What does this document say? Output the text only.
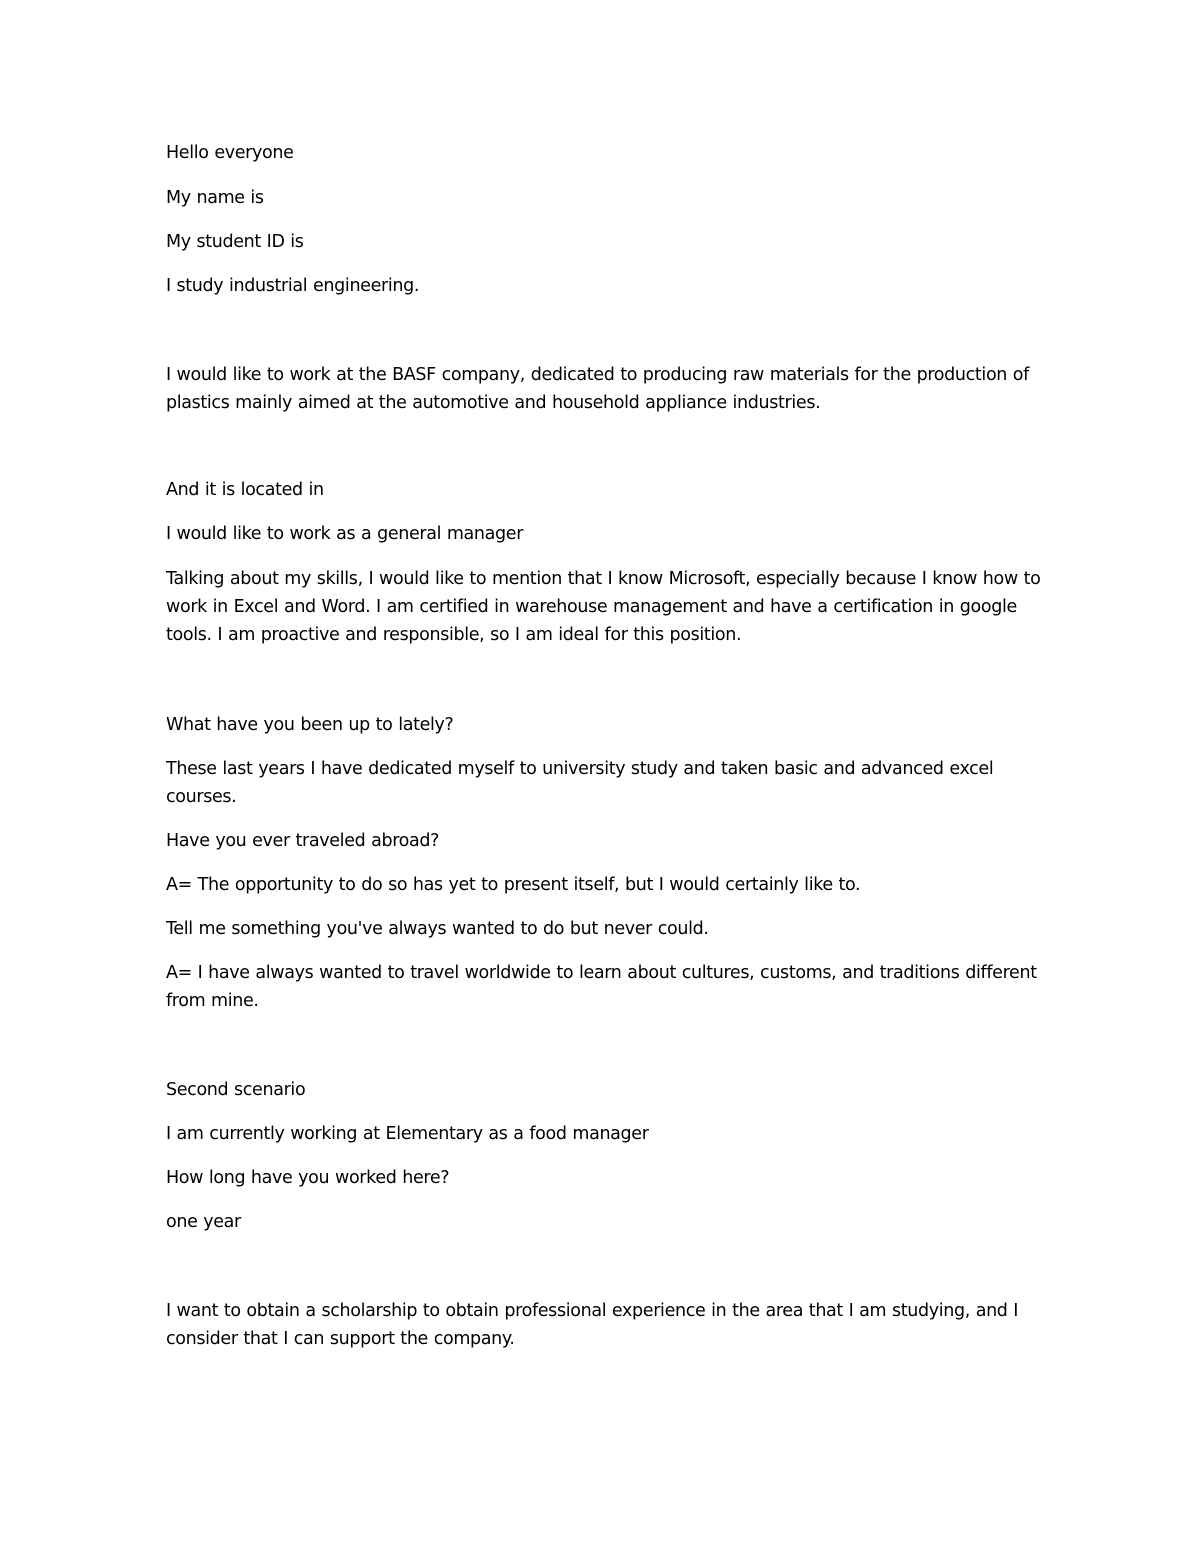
Hello everyone

My name is

My student ID is

I study industrial engineering.

I would like to work at the BASF company, dedicated to producing raw materials for the production of plastics mainly aimed at the automotive and household appliance industries.

And it is located in

I would like to work as a general manager

Talking about my skills, I would like to mention that I know Microsoft, especially because I know how to work in Excel and Word. I am certified in warehouse management and have a certification in google tools. I am proactive and responsible, so I am ideal for this position.

What have you been up to lately?

These last years I have dedicated myself to university study and taken basic and advanced excel courses.

Have you ever traveled abroad?

A= The opportunity to do so has yet to present itself, but I would certainly like to.

Tell me something you've always wanted to do but never could.

A= I have always wanted to travel worldwide to learn about cultures, customs, and traditions different from mine.

Second scenario

I am currently working at Elementary as a food manager

How long have you worked here?

one year

I want to obtain a scholarship to obtain professional experience in the area that I am studying, and I consider that I can support the company.
